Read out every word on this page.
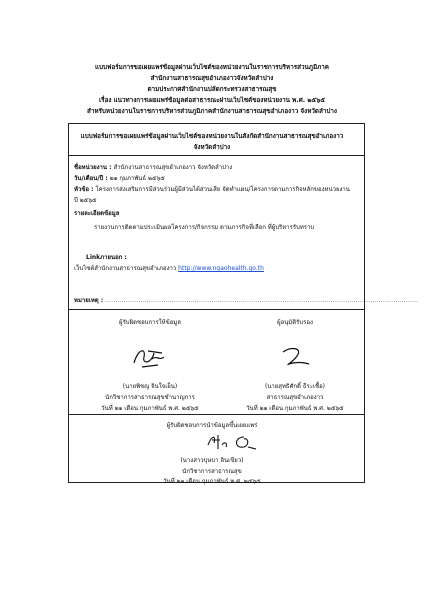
แบบฟอร์มการขอเผยแพร่ข้อมูลผ่านเว็บไซต์ของหน่วยงานในราชการบริหารส่วนภูมิภาค
สำนักงานสาธารณสุขอำเภองาวจังหวัดลำปาง
ตามประกาศสำนักงานปลัดกระทรวงสาธารณสุข
เรื่อง แนวทางการเผยแพร่ข้อมูลต่อสาธารณะผ่านเว็บไซต์ของหน่วยงาน พ.ศ. ๒๕๖๕
สำหรับหน่วยงานในราชการบริหารส่วนภูมิภาคสำนักงานสาธารณสุขอำเภองาว จังหวัดลำปาง
แบบฟอร์มการขอเผยแพร่ข้อมูลผ่านเว็บไซต์ของหน่วยงานในสังกัดสำนักงานสาธารณสุขอำเภองาว
จังหวัดลำปาง
ชื่อหน่วยงาน : สำนักงานสาธารณสุขอำเภองาว จังหวัดลำปาง
วัน/เดือน/ปี : ๒๑ กุมภาพันธ์ ๒๕๖๕
หัวข้อ : โครงการส่งเสริมการมีส่วนร่วมผู้มีส่วนได้ส่วนเสีย จัดทำแผน/โครงการตามการกิจหลักของหน่วยงาน
ปี ๒๕๖๕
รายละเอียดข้อมูล
รายงานการติดตามประเมินผลโครงการ/กิจกรรม ตามภารกิจที่เลือก ที่ผู้บริหารรับทราบ
Linkภายนอก :
เว็บไซต์สำนักงานสาธารณสุขอำเภองาว http://www.ngaohealth.go.th
หมายเหตุ : ......................................................................................................................................................
ผู้รับผิดชอบการให้ข้อมูล
(นายพิชญ จินใจเย็น)
นักวิชาการสาธารณสุขชำนาญการ
วันที่ ๒๑ เดือน กุมภาพันธ์ พ.ศ. ๒๕๖๕
ผู้อนุมัติรับรอง
(นายสุทธิศักดิ์ ธีระเชื้อ)
สาธารณสุขอำเภองาว
วันที่ ๒๑ เดือน กุมภาพันธ์ พ.ศ. ๒๕๖๕
ผู้รับผิดชอบการนำข้อมูลขึ้นเผยแพร่
(นางสาวบุษบา อินเขียว)
นักวิชาการสาธารณสุข
วันที่ ๒๑ เดือน กุมภาพันธ์ พ.ศ. ๒๕๖๕
